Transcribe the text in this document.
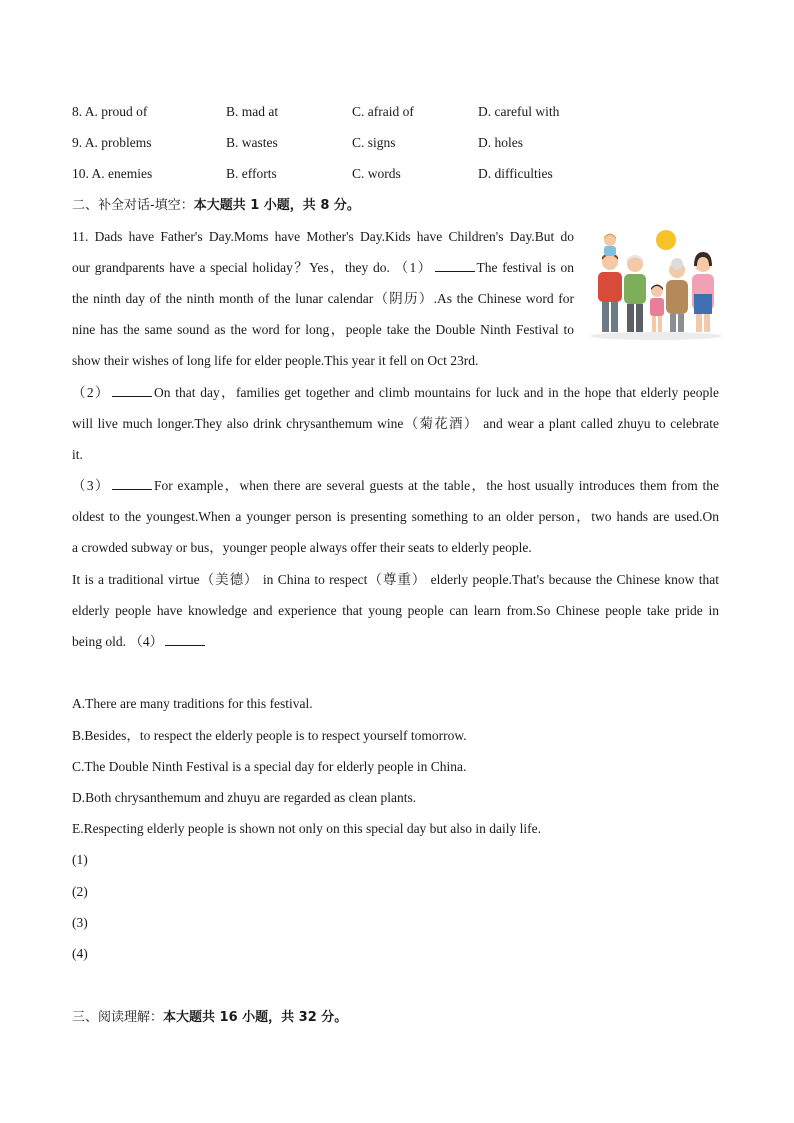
8. A. proud of	B. mad at	C. afraid of	D. careful with
9. A. problems	B. wastes	C. signs	D. holes
10. A. enemies	B. efforts	C. words	D. difficulties
二、补全对话-填空：本大题共 1 小题，共 8 分。
11. Dads have Father's Day.Moms have Mother's Day.Kids have Children's Day.But do
our grandparents have a special holiday？Yes，they do. （1）	The festival is on
the ninth day of the ninth month of the lunar calendar（阴历）.As the Chinese word for
nine has the same sound as the word for long，people take the Double Ninth Festival to
show their wishes of long life for elder people.This year it fell on Oct 23rd.
（2）	On that day，families get together and climb mountains for luck and in the hope that elderly people
will live much longer.They also drink chrysanthemum wine（菊花酒） and wear a plant called zhuyu to celebrate
it.
（3）	For example，when there are several guests at the table，the host usually introduces them from the
oldest to the youngest.When a younger person is presenting something to an older person，two hands are used.On
a crowded subway or bus，younger people always offer their seats to elderly people.
It is a traditional virtue（美德） in China to respect（尊重） elderly people.That's because the Chinese know that
elderly people have knowledge and experience that young people can learn from.So Chinese people take pride in
being old. （4）
A.There are many traditions for this festival.
B.Besides，to respect the elderly people is to respect yourself tomorrow.
C.The Double Ninth Festival is a special day for elderly people in China.
D.Both chrysanthemum and zhuyu are regarded as clean plants.
E.Respecting elderly people is shown not only on this special day but also in daily life.
(1)
(2)
(3)
(4)
三、阅读理解：本大题共 16 小题，共 32 分。
